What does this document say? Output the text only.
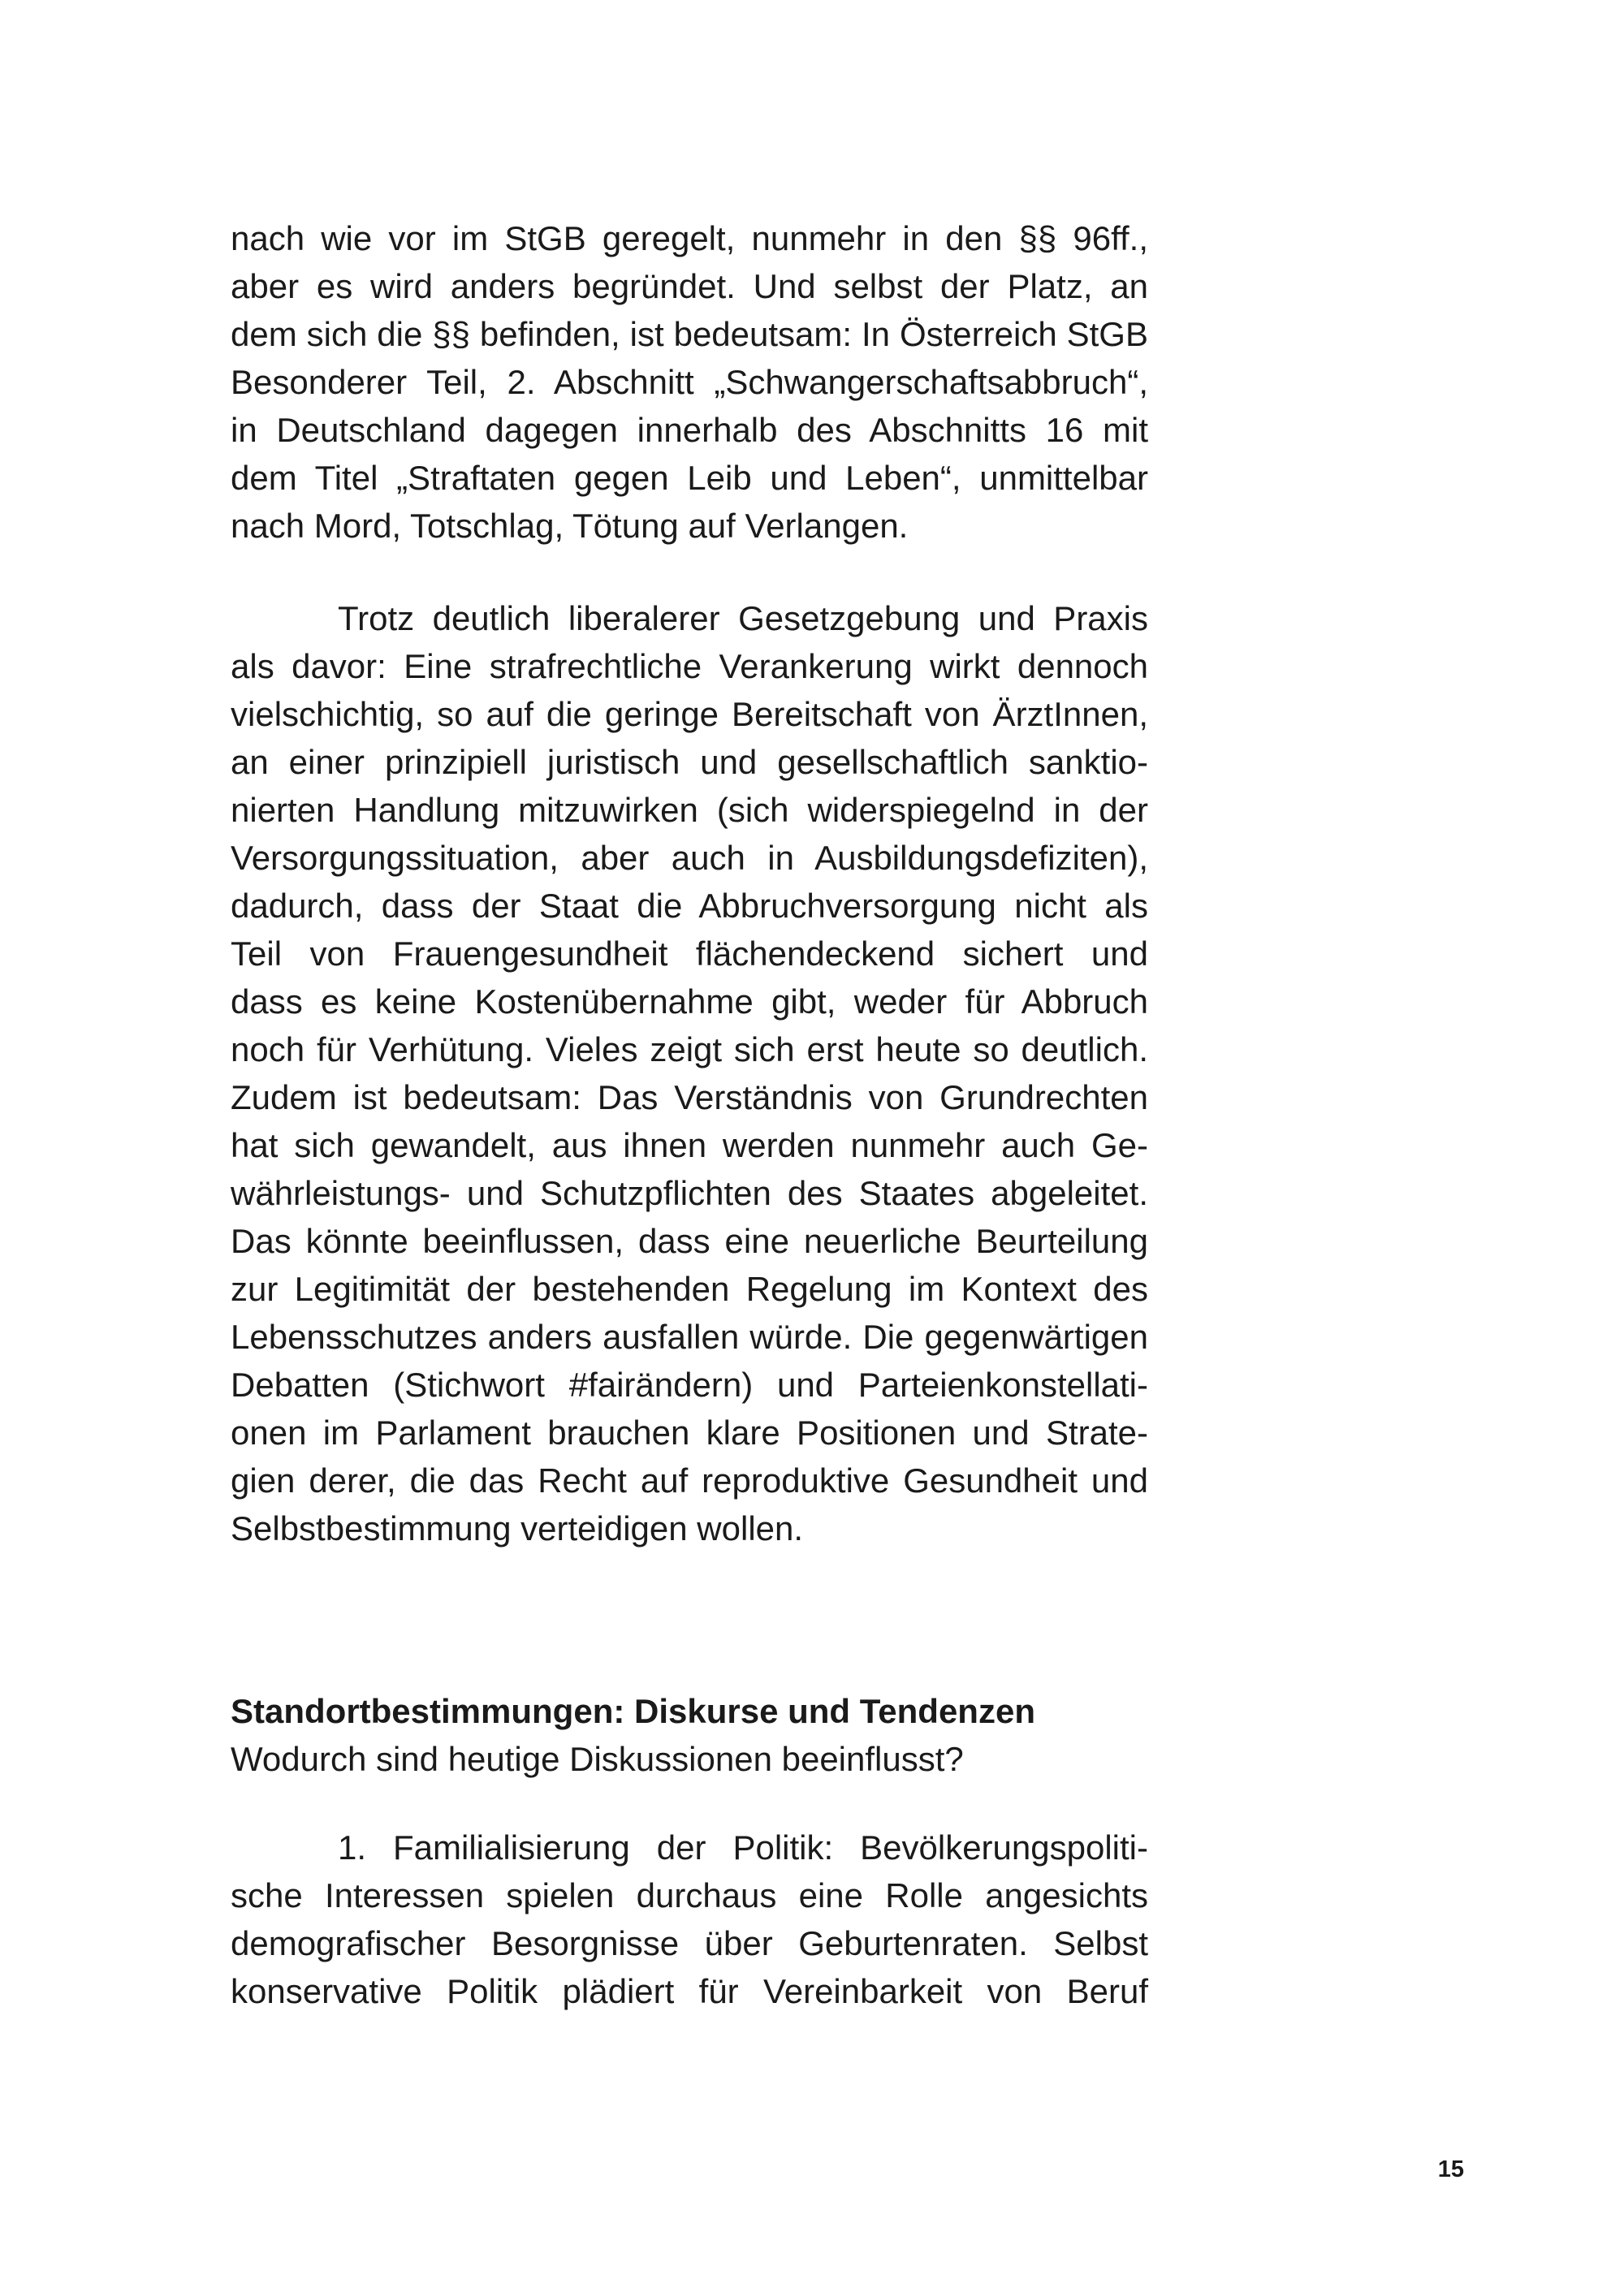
nach wie vor im StGB geregelt, nunmehr in den §§ 96ff.,
aber es wird anders begründet. Und selbst der Platz, an
dem sich die §§ befinden, ist bedeutsam: In Österreich StGB
Besonderer Teil, 2. Abschnitt „Schwangerschaftsabbruch“,
in Deutschland dagegen innerhalb des Abschnitts 16 mit
dem Titel „Straftaten gegen Leib und Leben“, unmittelbar
nach Mord, Totschlag, Tötung auf Verlangen.
Trotz deutlich liberalerer Gesetzgebung und Praxis
als davor: Eine strafrechtliche Verankerung wirkt dennoch
vielschichtig, so auf die geringe Bereitschaft von ÄrztInnen,
an einer prinzipiell juristisch und gesellschaftlich sanktio-
nierten Handlung mitzuwirken (sich widerspiegelnd in der
Versorgungssituation, aber auch in Ausbildungsdefiziten),
dadurch, dass der Staat die Abbruchversorgung nicht als
Teil von Frauengesundheit flächendeckend sichert und
dass es keine Kostenübernahme gibt, weder für Abbruch
noch für Verhütung. Vieles zeigt sich erst heute so deutlich.
Zudem ist bedeutsam: Das Verständnis von Grundrechten
hat sich gewandelt, aus ihnen werden nunmehr auch Ge-
währleistungs- und Schutzpflichten des Staates abgeleitet.
Das könnte beeinflussen, dass eine neuerliche Beurteilung
zur Legitimität der bestehenden Regelung im Kontext des
Lebensschutzes anders ausfallen würde. Die gegenwärtigen
Debatten (Stichwort #fairändern) und Parteienkonstellati-
onen im Parlament brauchen klare Positionen und Strate-
gien derer, die das Recht auf reproduktive Gesundheit und
Selbstbestimmung verteidigen wollen.
Standortbestimmungen: Diskurse und Tendenzen
Wodurch sind heutige Diskussionen beeinflusst?
1. Familialisierung der Politik: Bevölkerungspoliti-
sche Interessen spielen durchaus eine Rolle angesichts
demografischer Besorgnisse über Geburtenraten. Selbst
konservative Politik plädiert für Vereinbarkeit von Beruf
15
